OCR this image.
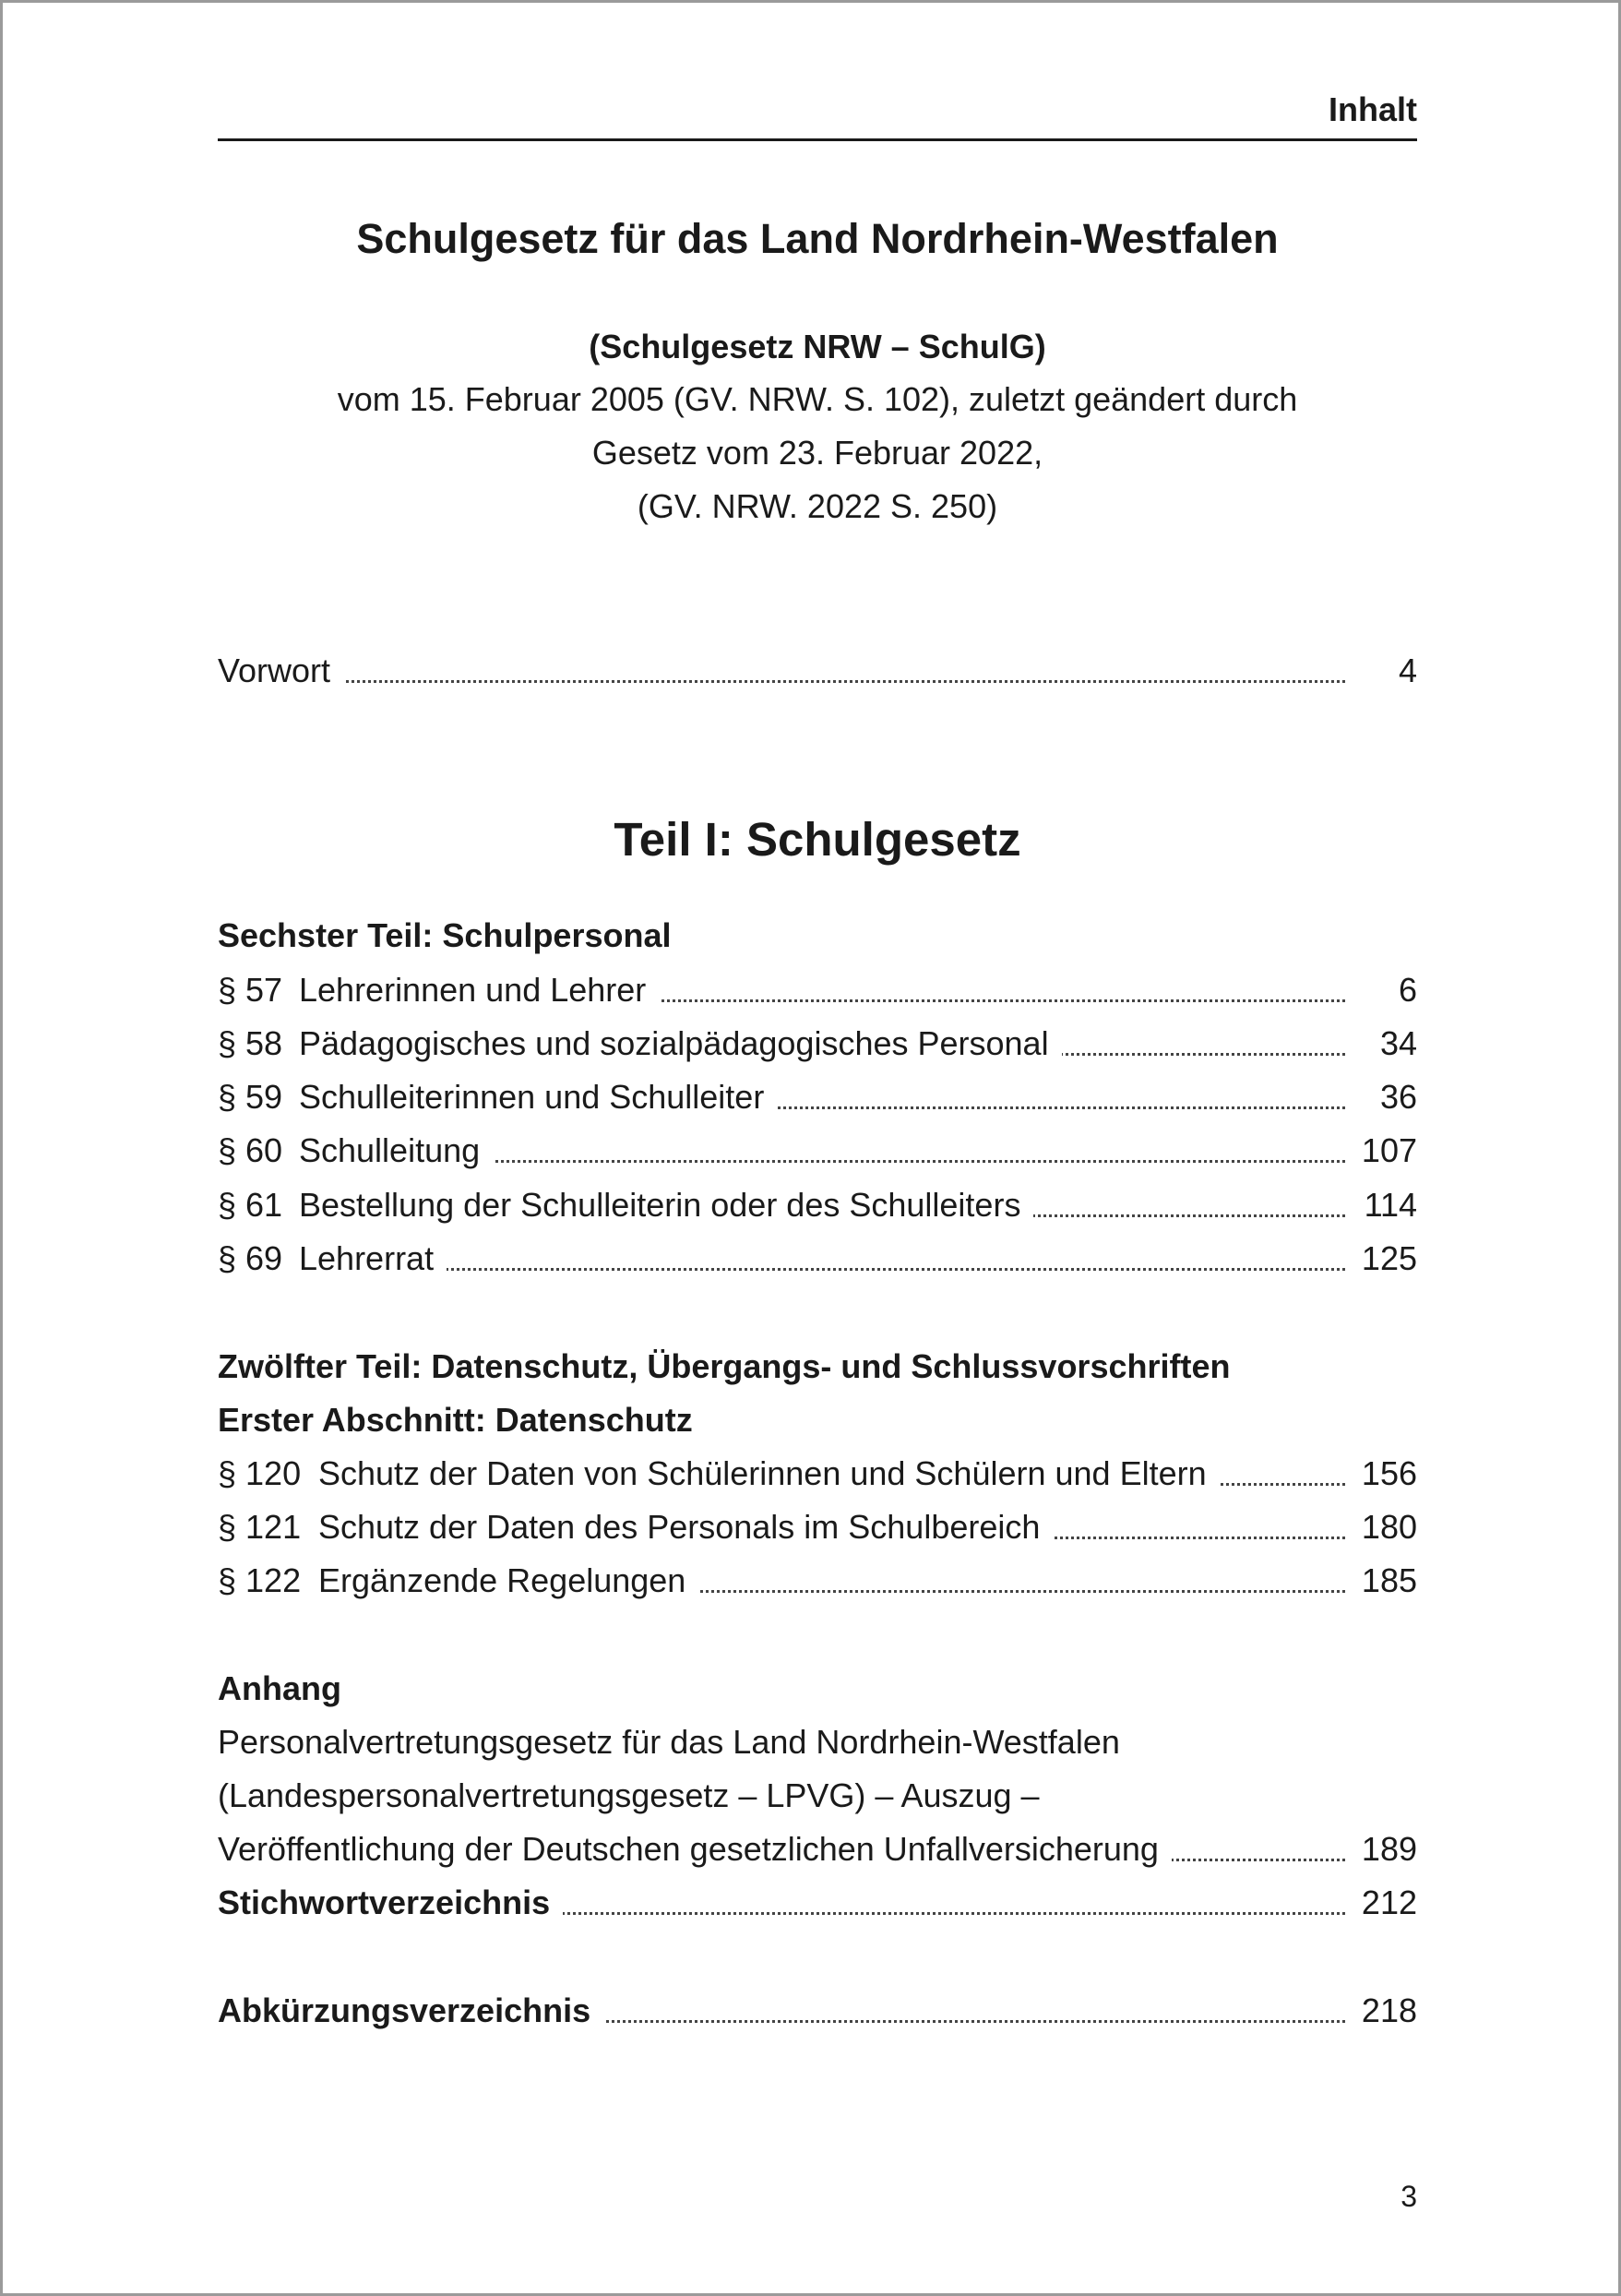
Inhalt
Schulgesetz für das Land Nordrhein-Westfalen
(Schulgesetz NRW – SchulG)
vom 15. Februar 2005 (GV. NRW. S. 102), zuletzt geändert durch
Gesetz vom 23. Februar 2022,
(GV. NRW. 2022 S. 250)
Vorwort	4
Teil I: Schulgesetz
Sechster Teil: Schulpersonal
§ 57 Lehrerinnen und Lehrer	6
§ 58 Pädagogisches und sozialpädagogisches Personal	34
§ 59 Schulleiterinnen und Schulleiter	36
§ 60 Schulleitung	107
§ 61 Bestellung der Schulleiterin oder des Schulleiters	114
§ 69 Lehrerrat	125
Zwölfter Teil: Datenschutz, Übergangs- und Schlussvorschriften
Erster Abschnitt: Datenschutz
§ 120 Schutz der Daten von Schülerinnen und Schülern und Eltern	156
§ 121 Schutz der Daten des Personals im Schulbereich	180
§ 122 Ergänzende Regelungen	185
Anhang
Personalvertretungsgesetz für das Land Nordrhein-Westfalen
(Landespersonalvertretungsgesetz – LPVG) – Auszug –
Veröffentlichung der Deutschen gesetzlichen Unfallversicherung	189
Stichwortverzeichnis	212
Abkürzungsverzeichnis	218
3
